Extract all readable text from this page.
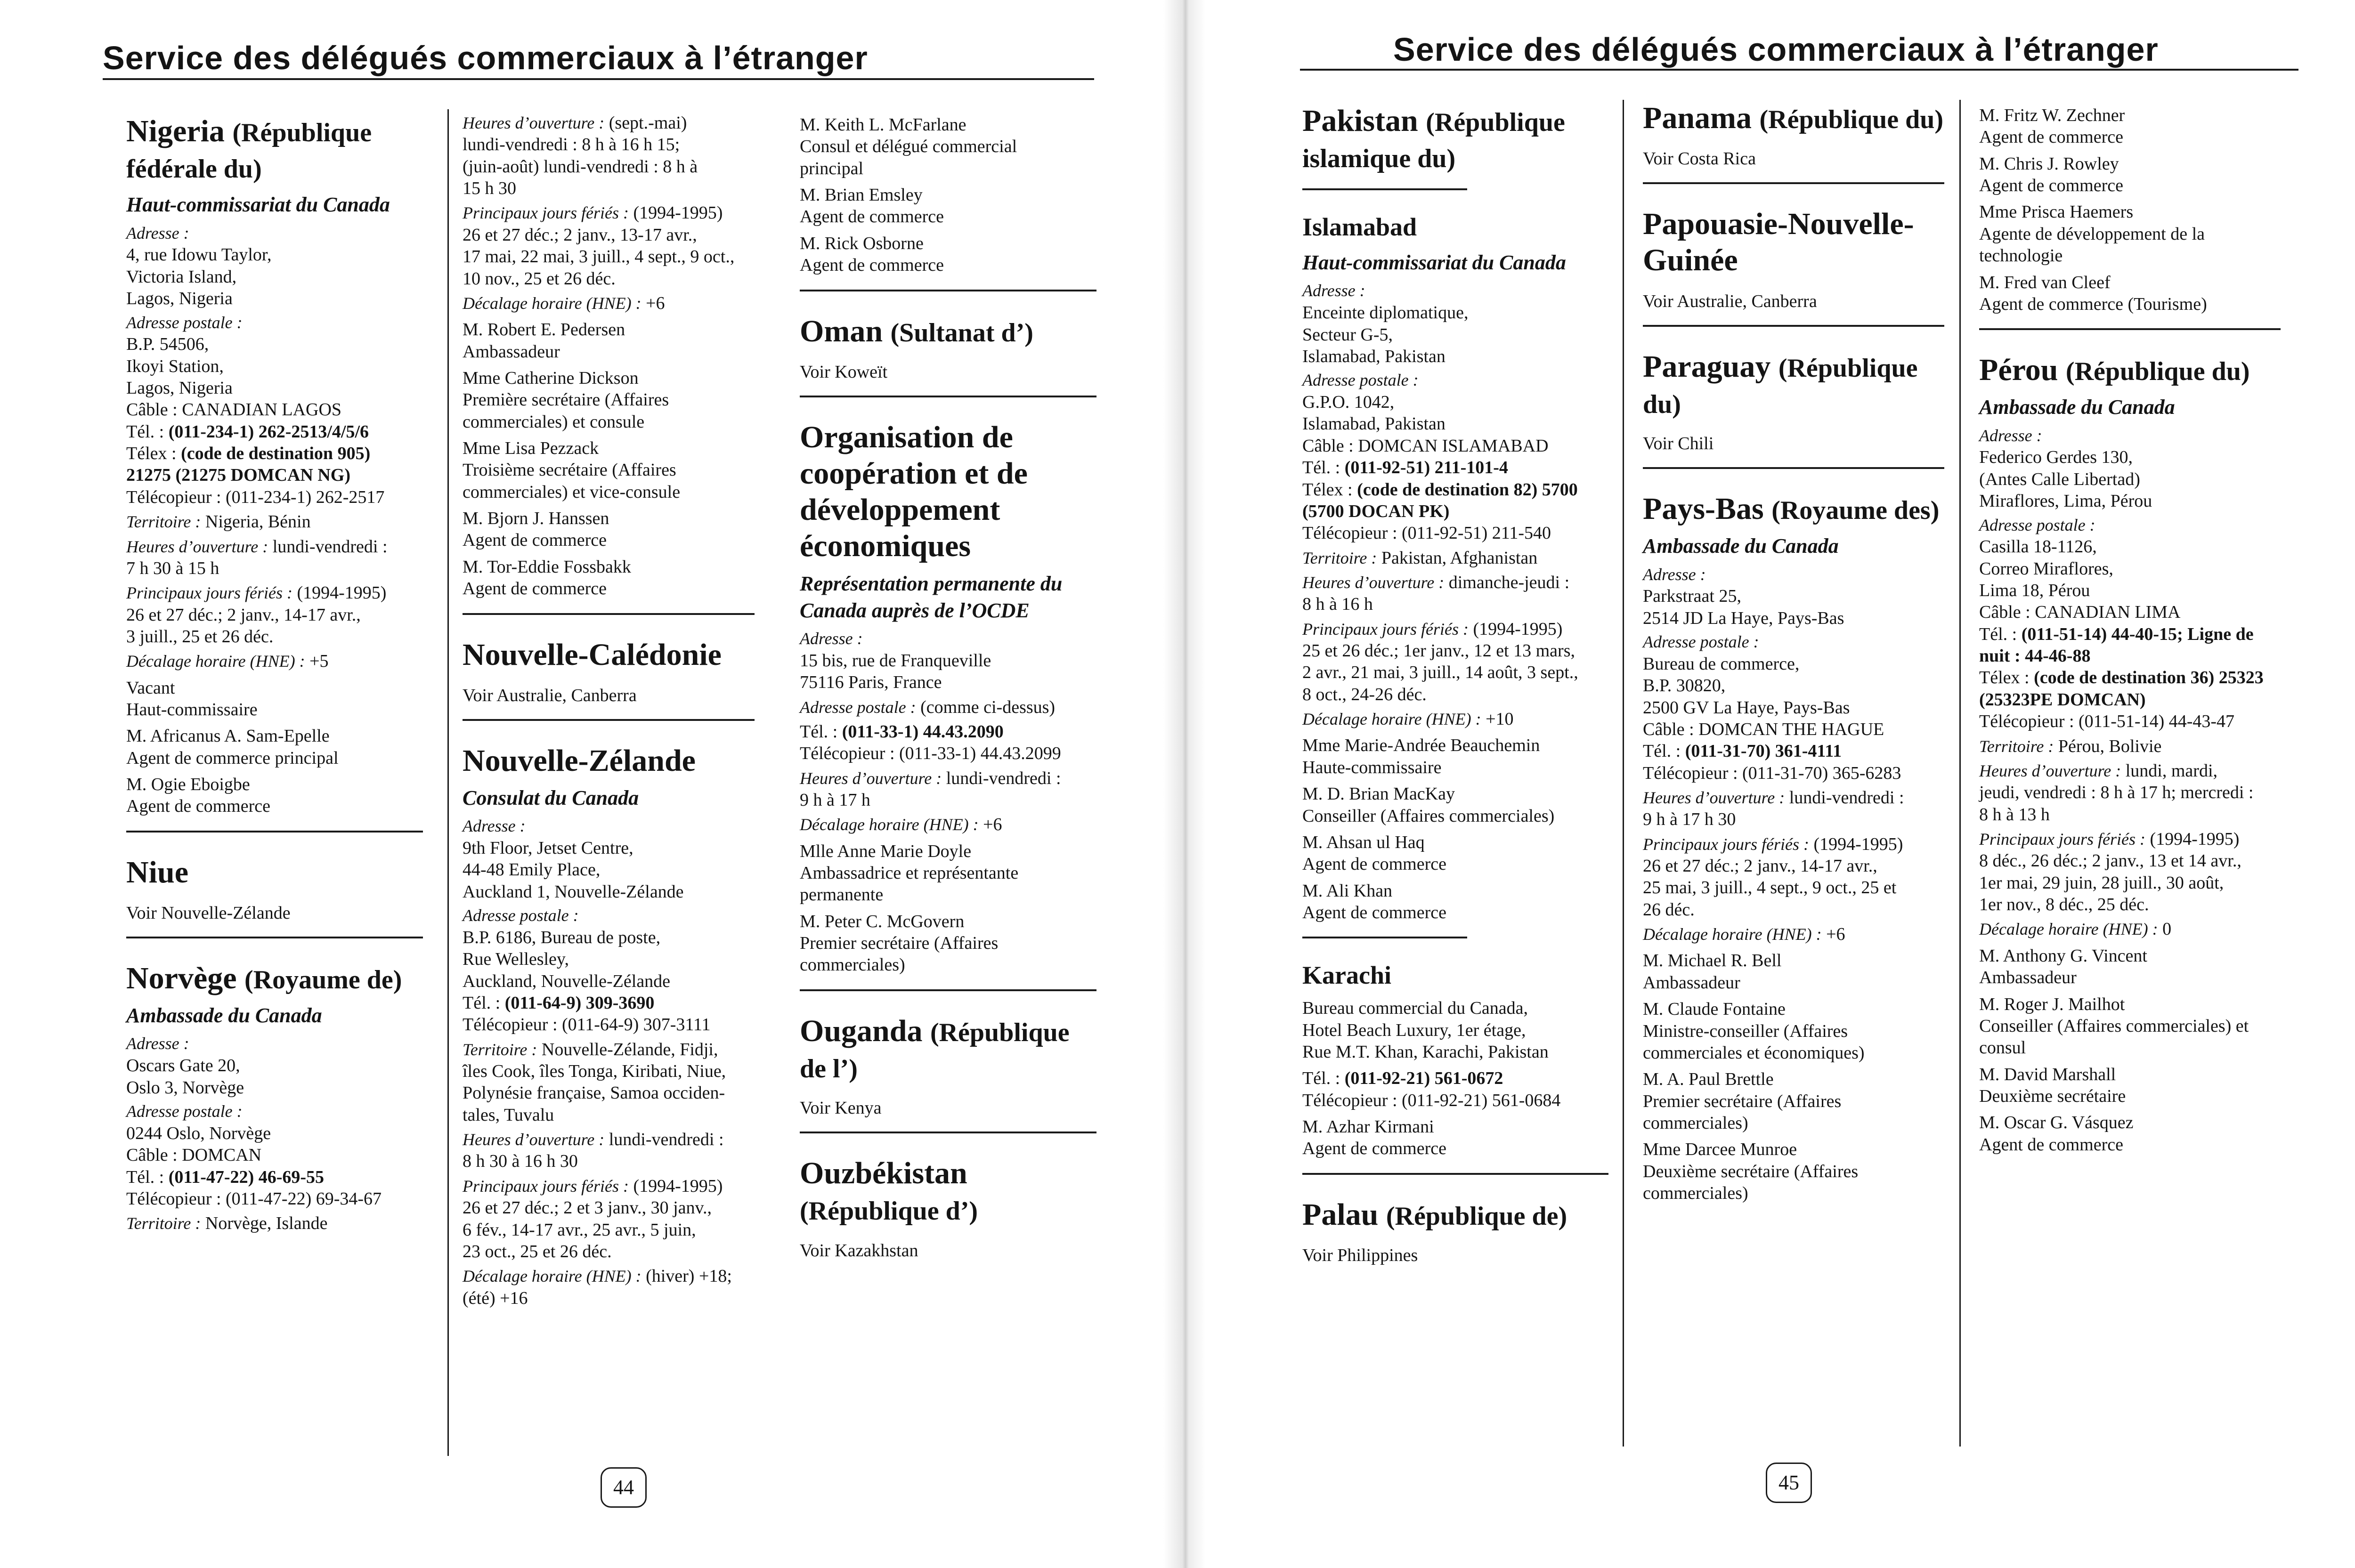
Service des délégués commerciaux à l’étranger
Nigeria (République fédérale du)
Haut-commissariat du Canada
Adresse :
4, rue Idowu Taylor,
Victoria Island,
Lagos, Nigeria
Adresse postale :
B.P. 54506,
Ikoyi Station,
Lagos, Nigeria
Câble : CANADIAN LAGOS
Tél. : (011-234-1) 262-2513/4/5/6
Télex : (code de destination 905)
21275 (21275 DOMCAN NG)
Télécopieur : (011-234-1) 262-2517
Territoire : Nigeria, Bénin
Heures d’ouverture : lundi-vendredi :
7 h 30 à 15 h
Principaux jours fériés : (1994-1995)
26 et 27 déc.; 2 janv., 14-17 avr.,
3 juill., 25 et 26 déc.
Décalage horaire (HNE) : +5
Vacant
Haut-commissaire
M. Africanus A. Sam-Epelle
Agent de commerce principal
M. Ogie Eboigbe
Agent de commerce
Niue
Voir Nouvelle-Zélande
Norvège (Royaume de)
Ambassade du Canada
Adresse :
Oscars Gate 20,
Oslo 3, Norvège
Adresse postale :
0244 Oslo, Norvège
Câble : DOMCAN
Tél. : (011-47-22) 46-69-55
Télécopieur : (011-47-22) 69-34-67
Territoire : Norvège, Islande
Heures d’ouverture : (sept.-mai)
lundi-vendredi : 8 h à 16 h 15;
(juin-août) lundi-vendredi : 8 h à
15 h 30
Principaux jours fériés : (1994-1995)
26 et 27 déc.; 2 janv., 13-17 avr.,
17 mai, 22 mai, 3 juill., 4 sept., 9 oct.,
10 nov., 25 et 26 déc.
Décalage horaire (HNE) : +6
M. Robert E. Pedersen
Ambassadeur
Mme Catherine Dickson
Première secrétaire (Affaires
commerciales) et consule
Mme Lisa Pezzack
Troisième secrétaire (Affaires
commerciales) et vice-consule
M. Bjorn J. Hanssen
Agent de commerce
M. Tor-Eddie Fossbakk
Agent de commerce
Nouvelle-Calédonie
Voir Australie, Canberra
Nouvelle-Zélande
Consulat du Canada
Adresse :
9th Floor, Jetset Centre,
44-48 Emily Place,
Auckland 1, Nouvelle-Zélande
Adresse postale :
B.P. 6186, Bureau de poste,
Rue Wellesley,
Auckland, Nouvelle-Zélande
Tél. : (011-64-9) 309-3690
Télécopieur : (011-64-9) 307-3111
Territoire : Nouvelle-Zélande, Fidji,
îles Cook, îles Tonga, Kiribati, Niue,
Polynésie française, Samoa occiden-
tales, Tuvalu
Heures d’ouverture : lundi-vendredi :
8 h 30 à 16 h 30
Principaux jours fériés : (1994-1995)
26 et 27 déc.; 2 et 3 janv., 30 janv.,
6 fév., 14-17 avr., 25 avr., 5 juin,
23 oct., 25 et 26 déc.
Décalage horaire (HNE) : (hiver) +18;
(été) +16
M. Keith L. McFarlane
Consul et délégué commercial
principal
M. Brian Emsley
Agent de commerce
M. Rick Osborne
Agent de commerce
Oman (Sultanat d’)
Voir Koweït
Organisation de coopération et de développement économiques
Représentation permanente du Canada auprès de l’OCDE
Adresse :
15 bis, rue de Franqueville
75116 Paris, France
Adresse postale : (comme ci-dessus)
Tél. : (011-33-1) 44.43.2090
Télécopieur : (011-33-1) 44.43.2099
Heures d’ouverture : lundi-vendredi :
9 h à 17 h
Décalage horaire (HNE) : +6
Mlle Anne Marie Doyle
Ambassadrice et représentante
permanente
M. Peter C. McGovern
Premier secrétaire (Affaires
commerciales)
Ouganda (République de l’)
Voir Kenya
Ouzbékistan (République d’)
Voir Kazakhstan
44
Service des délégués commerciaux à l’étranger
Pakistan (République islamique du)
Islamabad
Haut-commissariat du Canada
Adresse :
Enceinte diplomatique,
Secteur G-5,
Islamabad, Pakistan
Adresse postale :
G.P.O. 1042,
Islamabad, Pakistan
Câble : DOMCAN ISLAMABAD
Tél. : (011-92-51) 211-101-4
Télex : (code de destination 82) 5700
(5700 DOCAN PK)
Télécopieur : (011-92-51) 211-540
Territoire : Pakistan, Afghanistan
Heures d’ouverture : dimanche-jeudi :
8 h à 16 h
Principaux jours fériés : (1994-1995)
25 et 26 déc.; 1er janv., 12 et 13 mars,
2 avr., 21 mai, 3 juill., 14 août, 3 sept.,
8 oct., 24-26 déc.
Décalage horaire (HNE) : +10
Mme Marie-Andrée Beauchemin
Haute-commissaire
M. D. Brian MacKay
Conseiller (Affaires commerciales)
M. Ahsan ul Haq
Agent de commerce
M. Ali Khan
Agent de commerce
Karachi
Bureau commercial du Canada,
Hotel Beach Luxury, 1er étage,
Rue M.T. Khan, Karachi, Pakistan
Tél. : (011-92-21) 561-0672
Télécopieur : (011-92-21) 561-0684
M. Azhar Kirmani
Agent de commerce
Palau (République de)
Voir Philippines
Panama (République du)
Voir Costa Rica
Papouasie-Nouvelle-Guinée
Voir Australie, Canberra
Paraguay (République du)
Voir Chili
Pays-Bas (Royaume des)
Ambassade du Canada
Adresse :
Parkstraat 25,
2514 JD La Haye, Pays-Bas
Adresse postale :
Bureau de commerce,
B.P. 30820,
2500 GV La Haye, Pays-Bas
Câble : DOMCAN THE HAGUE
Tél. : (011-31-70) 361-4111
Télécopieur : (011-31-70) 365-6283
Heures d’ouverture : lundi-vendredi :
9 h à 17 h 30
Principaux jours fériés : (1994-1995)
26 et 27 déc.; 2 janv., 14-17 avr.,
25 mai, 3 juill., 4 sept., 9 oct., 25 et
26 déc.
Décalage horaire (HNE) : +6
M. Michael R. Bell
Ambassadeur
M. Claude Fontaine
Ministre-conseiller (Affaires
commerciales et économiques)
M. A. Paul Brettle
Premier secrétaire (Affaires
commerciales)
Mme Darcee Munroe
Deuxième secrétaire (Affaires
commerciales)
M. Fritz W. Zechner
Agent de commerce
M. Chris J. Rowley
Agent de commerce
Mme Prisca Haemers
Agente de développement de la
technologie
M. Fred van Cleef
Agent de commerce (Tourisme)
Pérou (République du)
Ambassade du Canada
Adresse :
Federico Gerdes 130,
(Antes Calle Libertad)
Miraflores, Lima, Pérou
Adresse postale :
Casilla 18-1126,
Correo Miraflores,
Lima 18, Pérou
Câble : CANADIAN LIMA
Tél. : (011-51-14) 44-40-15; Ligne de
nuit : 44-46-88
Télex : (code de destination 36) 25323
(25323PE DOMCAN)
Télécopieur : (011-51-14) 44-43-47
Territoire : Pérou, Bolivie
Heures d’ouverture : lundi, mardi,
jeudi, vendredi : 8 h à 17 h; mercredi :
8 h à 13 h
Principaux jours fériés : (1994-1995)
8 déc., 26 déc.; 2 janv., 13 et 14 avr.,
1er mai, 29 juin, 28 juill., 30 août,
1er nov., 8 déc., 25 déc.
Décalage horaire (HNE) : 0
M. Anthony G. Vincent
Ambassadeur
M. Roger J. Mailhot
Conseiller (Affaires commerciales) et
consul
M. David Marshall
Deuxième secrétaire
M. Oscar G. Vásquez
Agent de commerce
45
